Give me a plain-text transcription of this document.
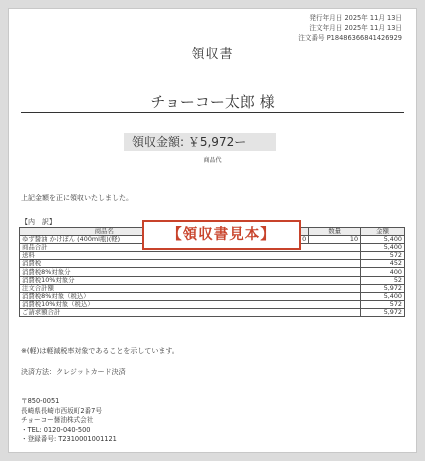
発行年月日 2025年 11月 13日
注文年月日 2025年 11月 13日
注文番号 P18486366841426929
領収書
チョーコー太郎 様
領収金額: ￥5,972ー
商品代
上記金額を正に領収いたしました。
【内　訳】
商品名		数量	金額
ゆず醤油 かけぽん (400ml瓶)(軽)	0	10	5,400
商品合計			5,400
送料			572
消費税			452
消費税8%対象分			400
消費税10%対象分			52
注文合計額			5,972
消費税8%対象（税込）			5,400
消費税10%対象（税込）			572
ご請求額合計			5,972
【領収書見本】
※(軽)は軽減税率対象であることを示しています。
決済方法：クレジットカード決済
〒850-0051
長崎県長崎市西坂町2番7号
チョーコー醤油株式会社
・TEL: 0120-040-500
・登録番号: T2310001001121
